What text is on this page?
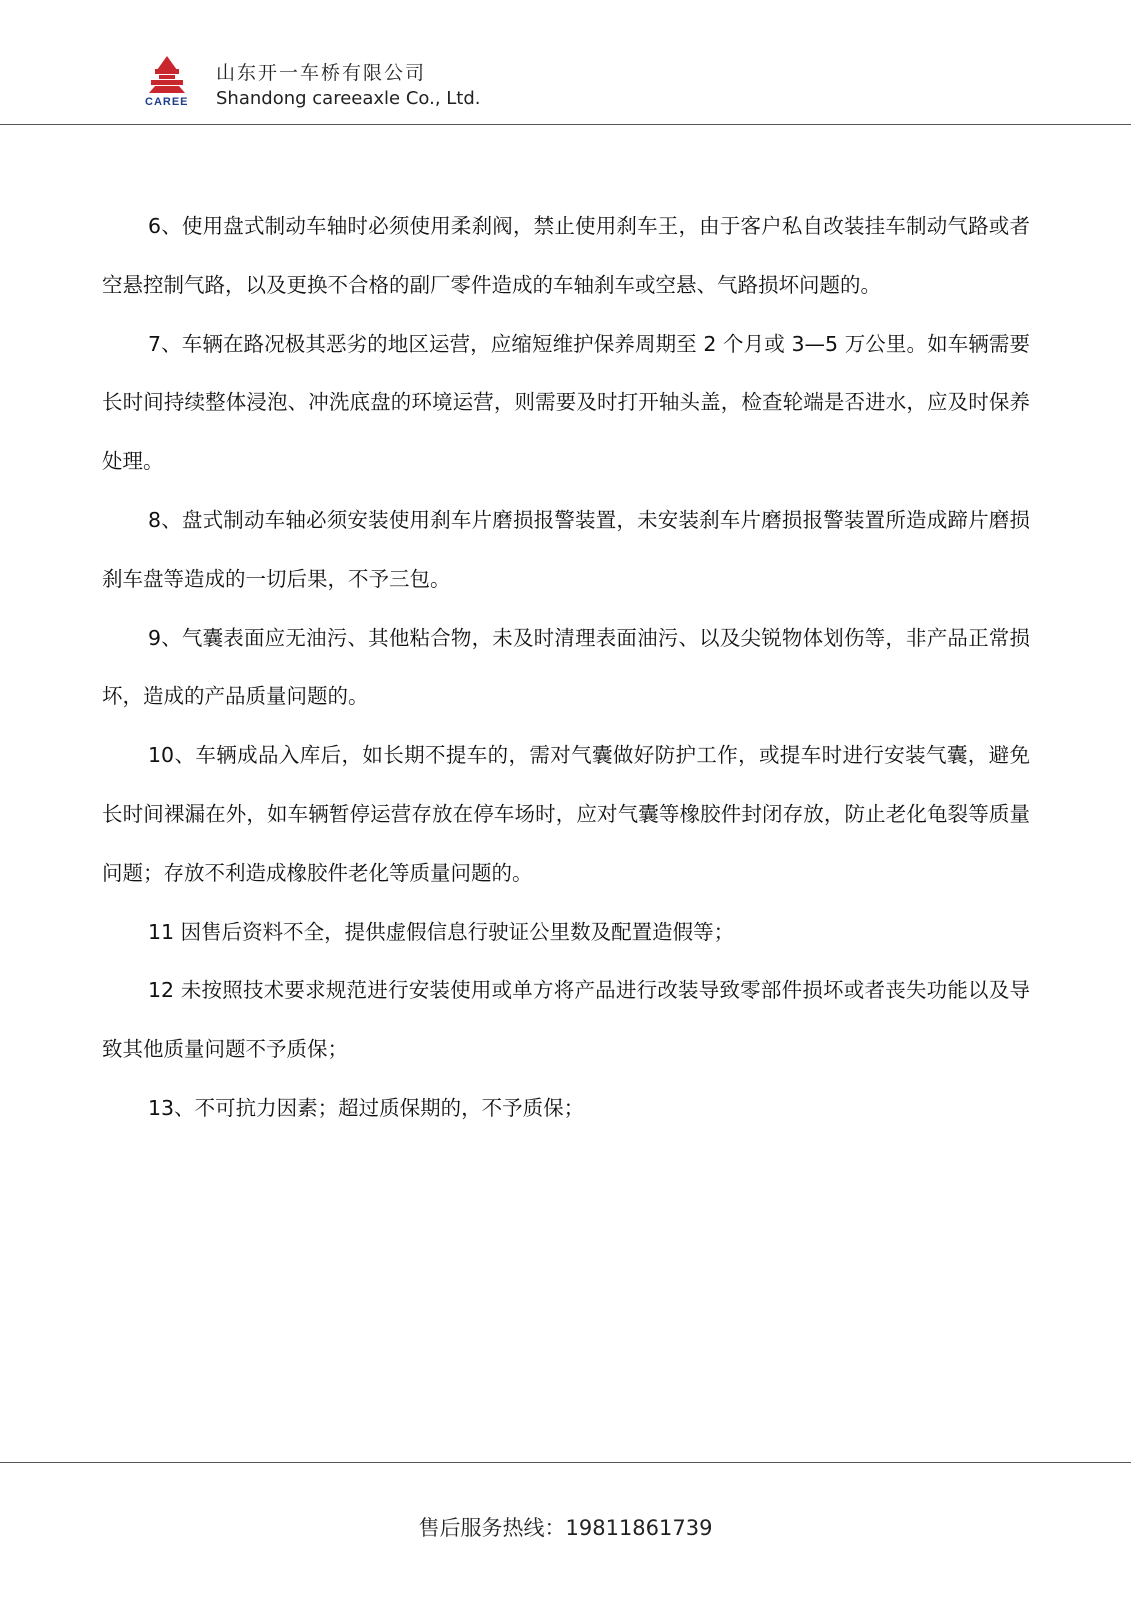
CAREE
山东开一车桥有限公司
Shandong careeaxle Co., Ltd.

6、使用盘式制动车轴时必须使用柔刹阀，禁止使用刹车王，由于客户私自改装挂车制动气路或者空悬控制气路，以及更换不合格的副厂零件造成的车轴刹车或空悬、气路损坏问题的。

7、车辆在路况极其恶劣的地区运营，应缩短维护保养周期至 2 个月或 3—5 万公里。如车辆需要长时间持续整体浸泡、冲洗底盘的环境运营，则需要及时打开轴头盖，检查轮端是否进水，应及时保养处理。

8、盘式制动车轴必须安装使用刹车片磨损报警装置，未安装刹车片磨损报警装置所造成蹄片磨损刹车盘等造成的一切后果，不予三包。

9、气囊表面应无油污、其他粘合物，未及时清理表面油污、以及尖锐物体划伤等，非产品正常损坏，造成的产品质量问题的。

10、车辆成品入库后，如长期不提车的，需对气囊做好防护工作，或提车时进行安装气囊，避免长时间裸漏在外，如车辆暂停运营存放在停车场时，应对气囊等橡胶件封闭存放，防止老化龟裂等质量问题；存放不利造成橡胶件老化等质量问题的。

11 因售后资料不全，提供虚假信息行驶证公里数及配置造假等；

12 未按照技术要求规范进行安装使用或单方将产品进行改装导致零部件损坏或者丧失功能以及导致其他质量问题不予质保；

13、不可抗力因素；超过质保期的，不予质保；

售后服务热线：19811861739
